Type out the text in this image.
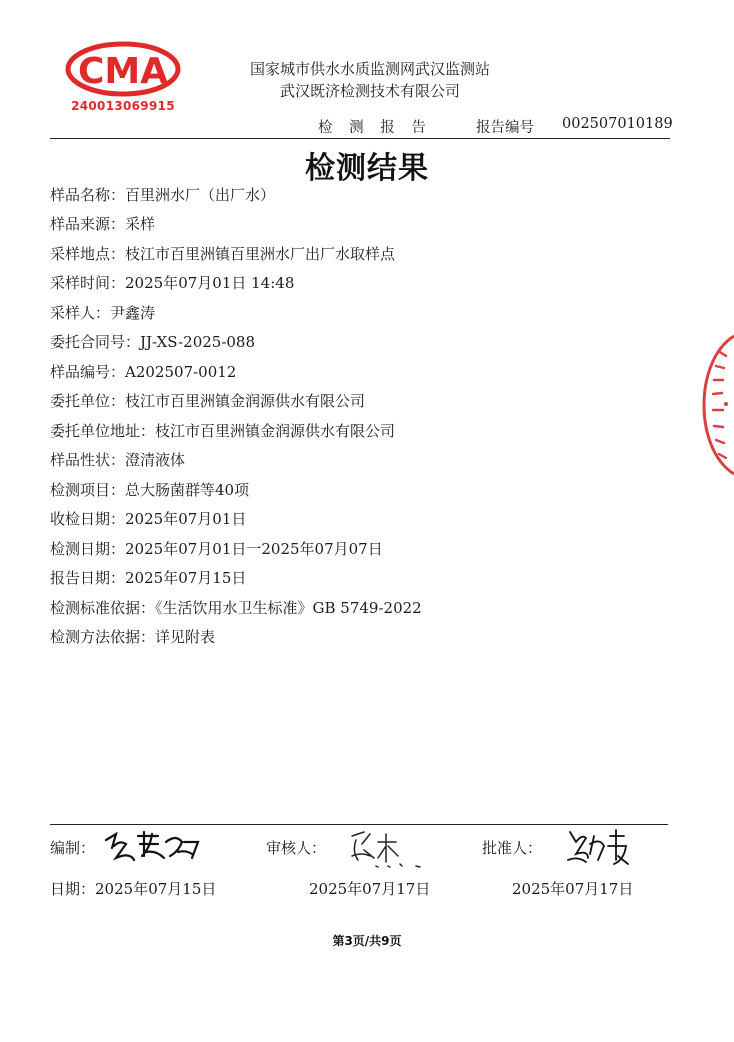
CMA
240013069915
国家城市供水水质监测网武汉监测站
武汉既济检测技术有限公司
检 测 报 告	报告编号 002507010189
检测结果
样品名称：百里洲水厂（出厂水）
样品来源：采样
采样地点：枝江市百里洲镇百里洲水厂出厂水取样点
采样时间：2025年07月01日 14:48
采样人：尹鑫涛
委托合同号：JJ-XS-2025-088
样品编号：A202507-0012
委托单位：枝江市百里洲镇金润源供水有限公司
委托单位地址：枝江市百里洲镇金润源供水有限公司
样品性状：澄清液体
检测项目：总大肠菌群等40项
收检日期：2025年07月01日
检测日期：2025年07月01日一2025年07月07日
报告日期：2025年07月15日
检测标准依据：《生活饮用水卫生标准》GB 5749-2022
检测方法依据：详见附表
编制：	审核人：	批准人：
日期：2025年07月15日	2025年07月17日	2025年07月17日
第3页/共9页
